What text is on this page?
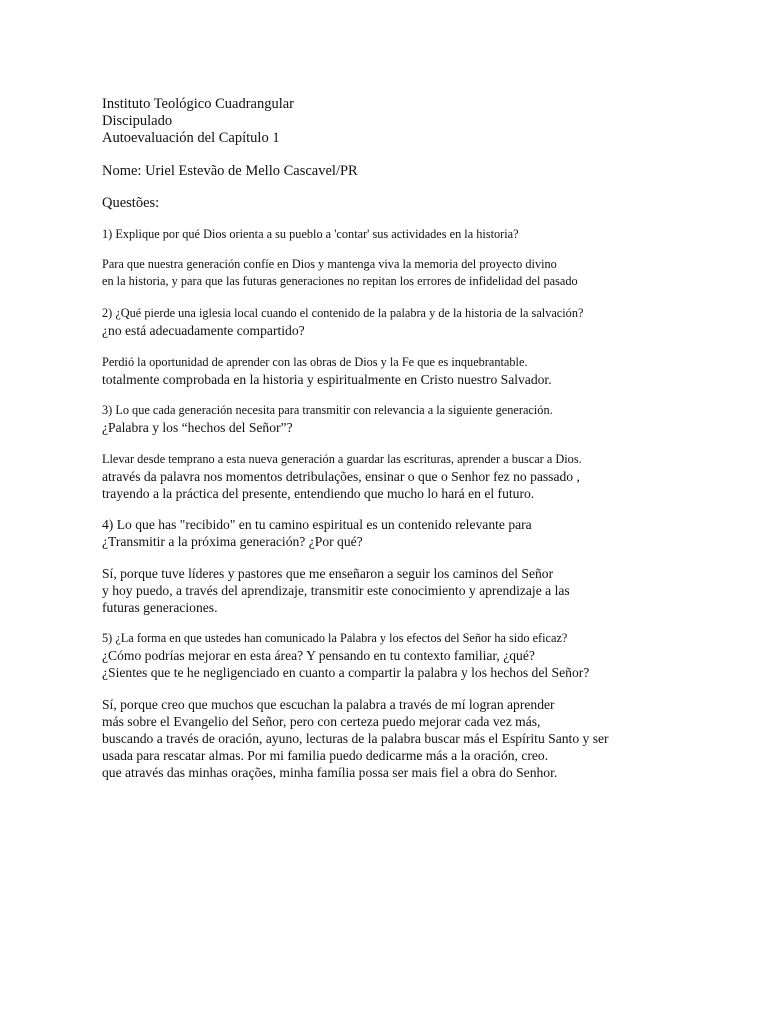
Instituto Teológico Cuadrangular
Discipulado
Autoevaluación del Capítulo 1
Nome: Uriel Estevão de Mello Cascavel/PR
Questões:
1) Explique por qué Dios orienta a su pueblo a 'contar' sus actividades en la historia?
Para que nuestra generación confíe en Dios y mantenga viva la memoria del proyecto divino
en la historia, y para que las futuras generaciones no repitan los errores de infidelidad del pasado
2) ¿Qué pierde una iglesia local cuando el contenido de la palabra y de la historia de la salvación?
¿no está adecuadamente compartido?
Perdió la oportunidad de aprender con las obras de Dios y la Fe que es inquebrantable.
totalmente comprobada en la historia y espiritualmente en Cristo nuestro Salvador.
3) Lo que cada generación necesita para transmitir con relevancia a la siguiente generación.
¿Palabra y los “hechos del Señor”?
Llevar desde temprano a esta nueva generación a guardar las escrituras, aprender a buscar a Dios.
através da palavra nos momentos detribulações, ensinar o que o Senhor fez no passado ,
trayendo a la práctica del presente, entendiendo que mucho lo hará en el futuro.
4) Lo que has "recibido" en tu camino espiritual es un contenido relevante para
¿Transmitir a la próxima generación? ¿Por qué?
Sí, porque tuve líderes y pastores que me enseñaron a seguir los caminos del Señor
y hoy puedo, a través del aprendizaje, transmitir este conocimiento y aprendizaje a las
futuras generaciones.
5) ¿La forma en que ustedes han comunicado la Palabra y los efectos del Señor ha sido eficaz?
¿Cómo podrías mejorar en esta área? Y pensando en tu contexto familiar, ¿qué?
¿Sientes que te he negligenciado en cuanto a compartir la palabra y los hechos del Señor?
Sí, porque creo que muchos que escuchan la palabra a través de mí logran aprender
más sobre el Evangelio del Señor, pero con certeza puedo mejorar cada vez más,
buscando a través de oración, ayuno, lecturas de la palabra buscar más el Espíritu Santo y ser
usada para rescatar almas. Por mi familia puedo dedicarme más a la oración, creo.
que através das minhas orações, minha família possa ser mais fiel a obra do Senhor.
